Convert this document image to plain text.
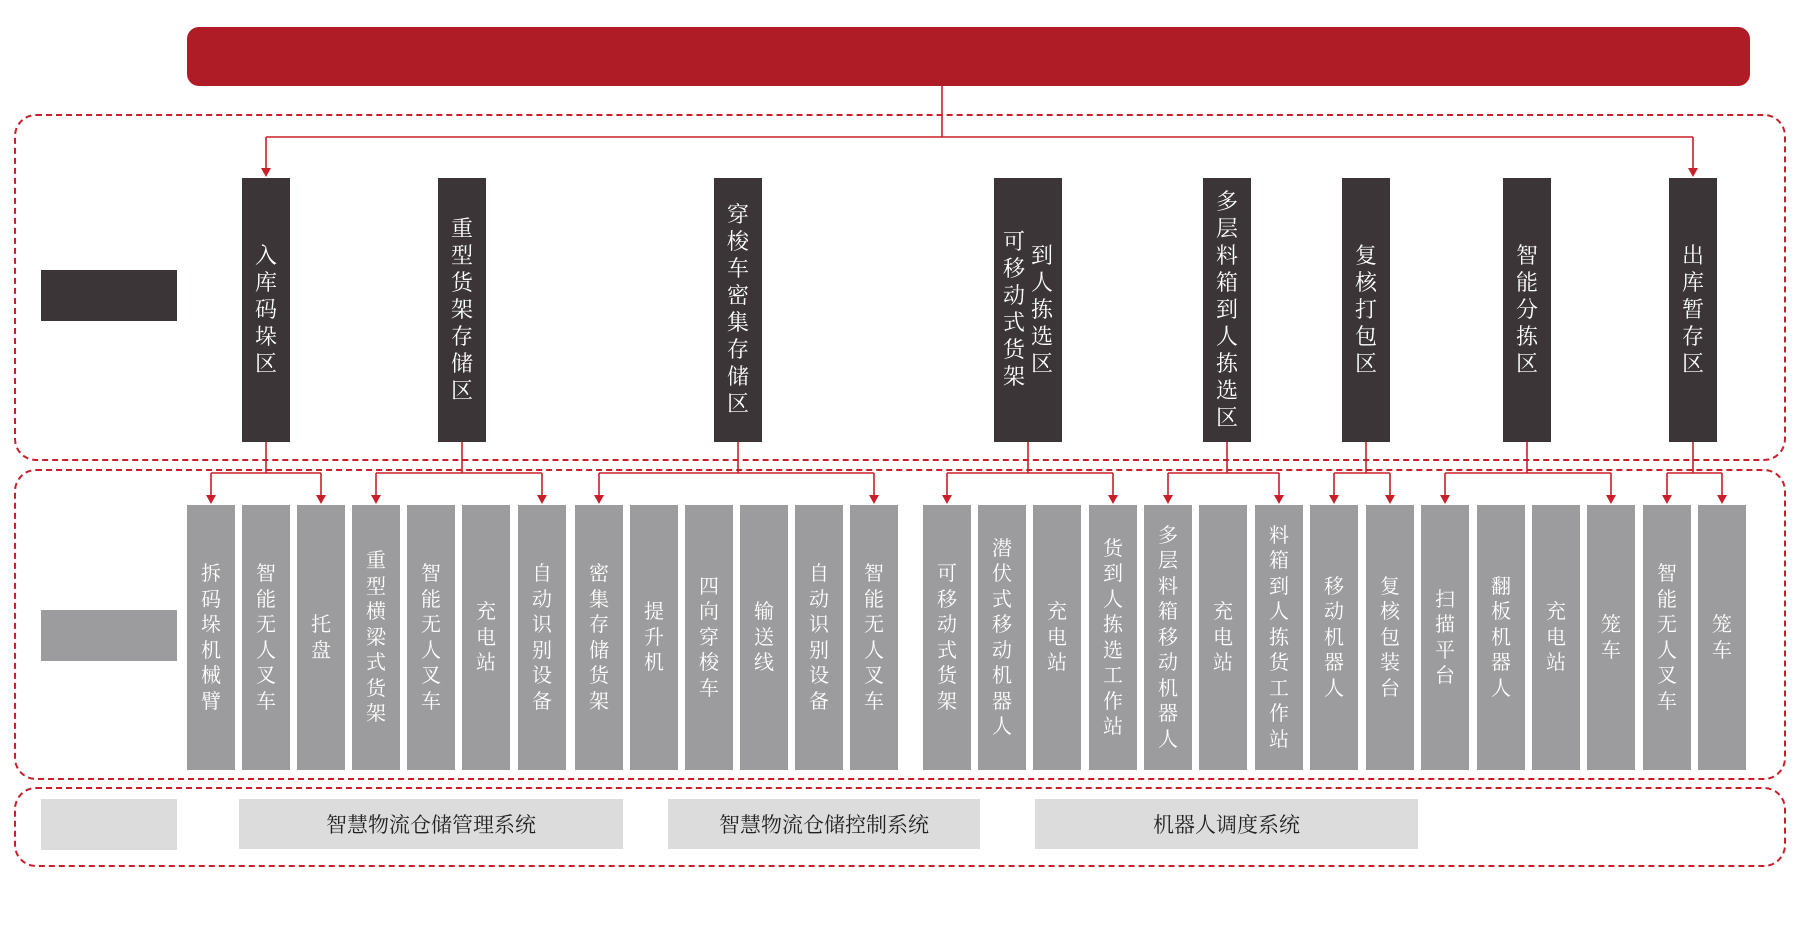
入
库
码
垛
区
重
型
货
架
存
储
区
穿
梭
车
密
集
存
储
区
到
人
拣
选
区
可
移
动
式
货
架
多
层
料
箱
到
人
拣
选
区
复
核
打
包
区
智
能
分
拣
区
出
库
暂
存
区
拆
码
垛
机
械
臂
智
能
无
人
叉
车
托
盘
重
型
横
梁
式
货
架
智
能
无
人
叉
车
充
电
站
自
动
识
别
设
备
密
集
存
储
货
架
提
升
机
四
向
穿
梭
车
输
送
线
自
动
识
别
设
备
智
能
无
人
叉
车
可
移
动
式
货
架
潜
伏
式
移
动
机
器
人
充
电
站
货
到
人
拣
选
工
作
站
多
层
料
箱
移
动
机
器
人
充
电
站
料
箱
到
人
拣
货
工
作
站
移
动
机
器
人
复
核
包
装
台
扫
描
平
台
翻
板
机
器
人
充
电
站
笼
车
智
能
无
人
叉
车
笼
车
智慧物流仓储管理系统	智慧物流仓储控制系统	机器人调度系统
